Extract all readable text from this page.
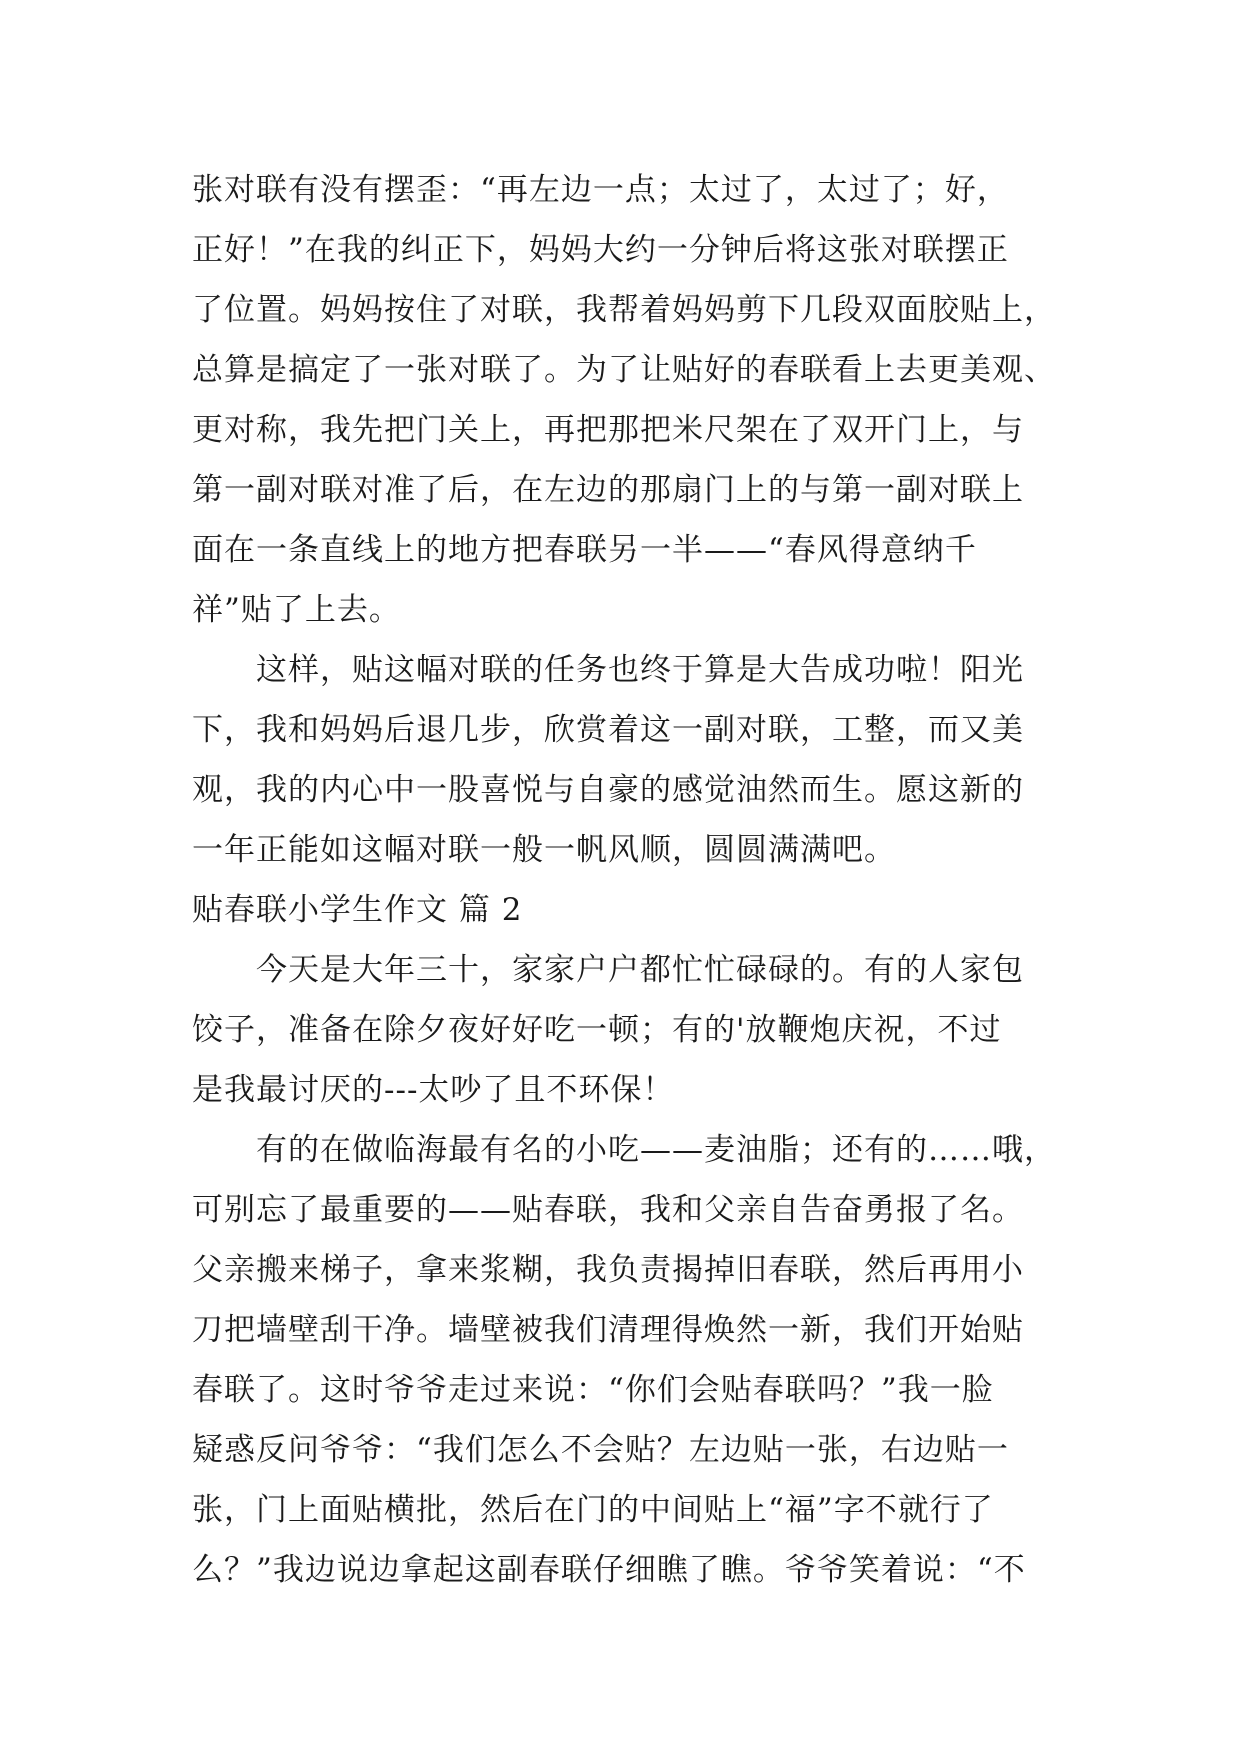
张对联有没有摆歪：“再左边一点；太过了，太过了；好，
正好！”在我的纠正下，妈妈大约一分钟后将这张对联摆正
了位置。妈妈按住了对联，我帮着妈妈剪下几段双面胶贴上，
总算是搞定了一张对联了。为了让贴好的春联看上去更美观、
更对称，我先把门关上，再把那把米尺架在了双开门上，与
第一副对联对准了后，在左边的那扇门上的与第一副对联上
面在一条直线上的地方把春联另一半——“春风得意纳千
祥”贴了上去。
　　这样，贴这幅对联的任务也终于算是大告成功啦！阳光
下，我和妈妈后退几步，欣赏着这一副对联，工整，而又美
观，我的内心中一股喜悦与自豪的感觉油然而生。愿这新的
一年正能如这幅对联一般一帆风顺，圆圆满满吧。
贴春联小学生作文 篇 2
　　今天是大年三十，家家户户都忙忙碌碌的。有的人家包
饺子，准备在除夕夜好好吃一顿；有的'放鞭炮庆祝，不过
是我最讨厌的---太吵了且不环保！
　　有的在做临海最有名的小吃——麦油脂；还有的……哦，
可别忘了最重要的——贴春联，我和父亲自告奋勇报了名。
父亲搬来梯子，拿来浆糊，我负责揭掉旧春联，然后再用小
刀把墙壁刮干净。墙壁被我们清理得焕然一新，我们开始贴
春联了。这时爷爷走过来说：“你们会贴春联吗？”我一脸
疑惑反问爷爷：“我们怎么不会贴？左边贴一张，右边贴一
张，门上面贴横批，然后在门的中间贴上“福”字不就行了
么？”我边说边拿起这副春联仔细瞧了瞧。爷爷笑着说：“不
